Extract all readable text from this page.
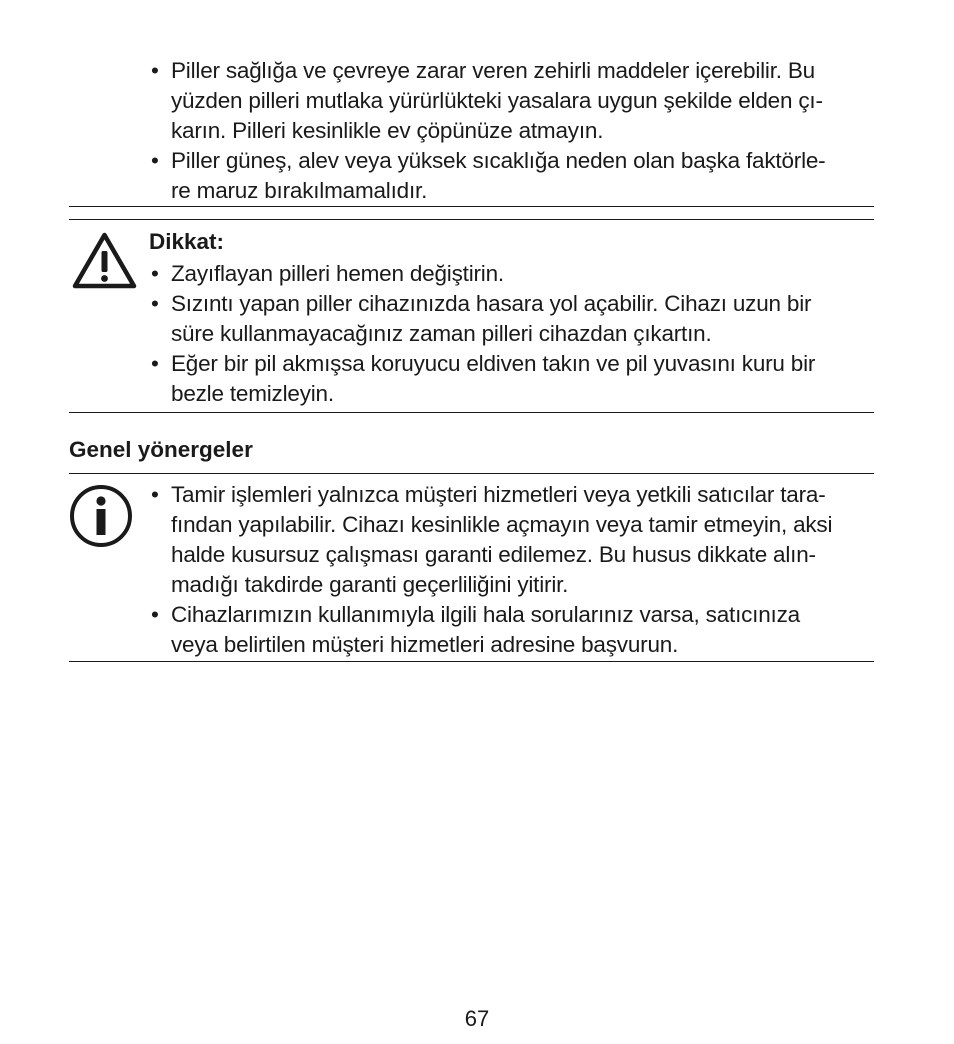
• Piller sağlığa ve çevreye zarar veren zehirli maddeler içerebilir. Bu
yüzden pilleri mutlaka yürürlükteki yasalara uygun şekilde elden çı-
karın. Pilleri kesinlikle ev çöpünüze atmayın.
• Piller güneş, alev veya yüksek sıcaklığa neden olan başka faktörle-
re maruz bırakılmamalıdır.
Dikkat:
• Zayıflayan pilleri hemen değiştirin.
• Sızıntı yapan piller cihazınızda hasara yol açabilir. Cihazı uzun bir
süre kullanmayacağınız zaman pilleri cihazdan çıkartın.
• Eğer bir pil akmışsa koruyucu eldiven takın ve pil yuvasını kuru bir
bezle temizleyin.
Genel yönergeler
• Tamir işlemleri yalnızca müşteri hizmetleri veya yetkili satıcılar tara-
fından yapılabilir. Cihazı kesinlikle açmayın veya tamir etmeyin, aksi
halde kusursuz çalışması garanti edilemez. Bu husus dikkate alın-
madığı takdirde garanti geçerliliğini yitirir.
• Cihazlarımızın kullanımıyla ilgili hala sorularınız varsa, satıcınıza
veya belirtilen müşteri hizmetleri adresine başvurun.
67
